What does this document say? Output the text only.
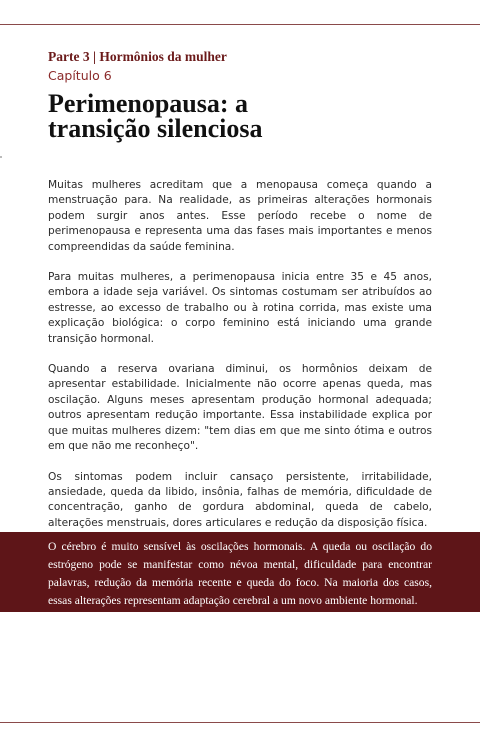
Parte 3 | Hormônios da mulher
Capítulo 6
Perimenopausa: a
transição silenciosa

Muitas mulheres acreditam que a menopausa começa quando a menstruação para. Na realidade, as primeiras alterações hormonais podem surgir anos antes. Esse período recebe o nome de perimenopausa e representa uma das fases mais importantes e menos compreendidas da saúde feminina.

Para muitas mulheres, a perimenopausa inicia entre 35 e 45 anos, embora a idade seja variável. Os sintomas costumam ser atribuídos ao estresse, ao excesso de trabalho ou à rotina corrida, mas existe uma explicação biológica: o corpo feminino está iniciando uma grande transição hormonal.

Quando a reserva ovariana diminui, os hormônios deixam de apresentar estabilidade. Inicialmente não ocorre apenas queda, mas oscilação. Alguns meses apresentam produção hormonal adequada; outros apresentam redução importante. Essa instabilidade explica por que muitas mulheres dizem: "tem dias em que me sinto ótima e outros em que não me reconheço".

Os sintomas podem incluir cansaço persistente, irritabilidade, ansiedade, queda da libido, insônia, falhas de memória, dificuldade de concentração, ganho de gordura abdominal, queda de cabelo, alterações menstruais, dores articulares e redução da disposição física.

O cérebro é muito sensível às oscilações hormonais. A queda ou oscilação do estrógeno pode se manifestar como névoa mental, dificuldade para encontrar palavras, redução da memória recente e queda do foco. Na maioria dos casos, essas alterações representam adaptação cerebral a um novo ambiente hormonal.
